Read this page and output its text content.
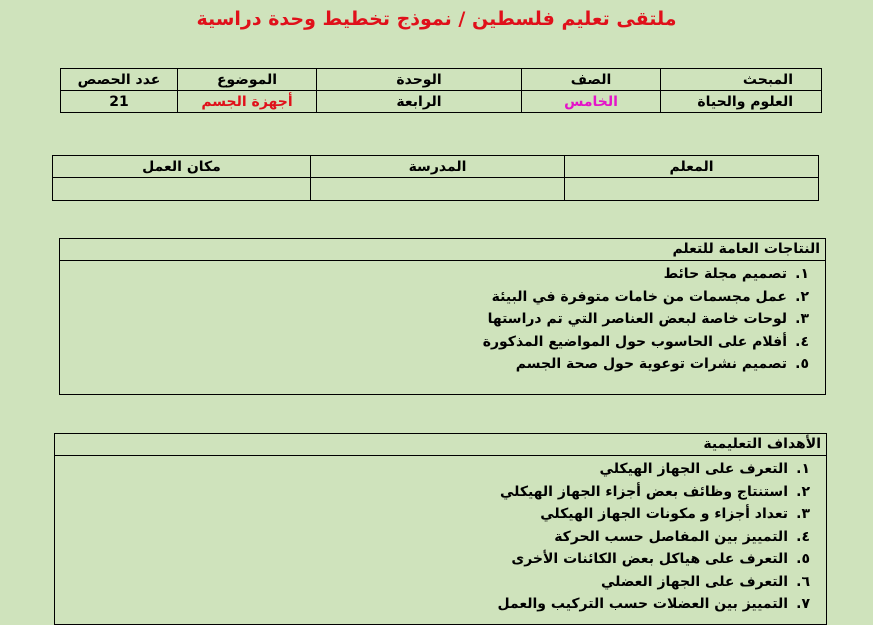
ملتقى تعليم فلسطين / نموذج تخطيط وحدة دراسية
المبحث	الصف	الوحدة	الموضوع	عدد الحصص
العلوم والحياة	الخامس	الرابعة	أجهزة الجسم	21
المعلم	المدرسة	مكان العمل

النتاجات العامة للتعلم
١.تصميم مجلة حائط
٢.عمل مجسمات من خامات متوفرة في البيئة
٣.لوحات خاصة لبعض العناصر التي تم دراستها
٤.أفلام على الحاسوب حول المواضيع المذكورة
٥.تصميم نشرات توعوية حول صحة الجسم
الأهداف التعليمية
١.التعرف على الجهاز الهيكلي
٢.استنتاج وظائف بعض أجزاء الجهاز الهيكلي
٣.تعداد أجزاء و مكونات الجهاز الهيكلي
٤.التمييز بين المفاصل حسب الحركة
٥.التعرف على هياكل بعض الكائنات الأخرى
٦.التعرف على الجهاز العضلي
٧.التمييز بين العضلات حسب التركيب والعمل
